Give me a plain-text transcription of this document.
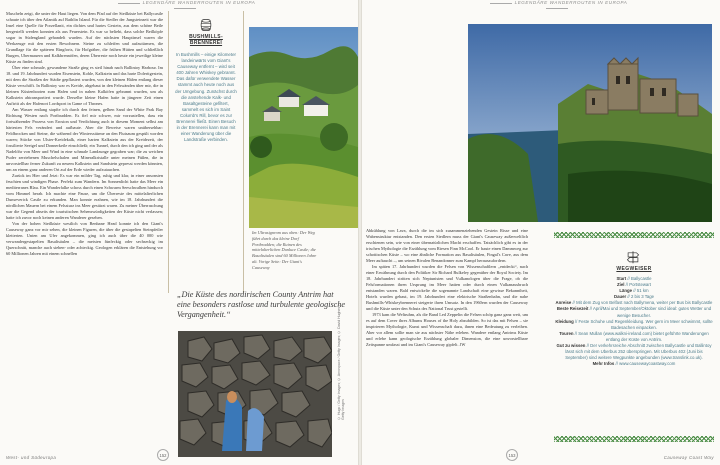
LEGENDÄRE WANDERROUTEN IN EUROPA

Muscheln zeigt, die unter der Haut liegen. Von dem Pfad auf der Steilküste bei Ballycastle schaute ich über den Atlantik auf Rathlin Island. Für die Siedler der Jungsteinzeit war die Insel eine Quelle für Porzellanit, ein dichtes und hartes Gestein, aus dem schöne Beile hergestellt werden konnten als aus Feuerstein. Es war so beliebt, dass solche Beilköpfe sogar in Südengland gehandelt wurden. Auf der nächsten Hauptinsel waren die Werkzeuge mit den ersten Bewohnern. Steine zu schleifen und aufzutürmen, die Grundlage für die späteren Ringforts, für Hofgräber, die frühen Hütten und schließlich Burgen, Ubermauern und Kalkbrennöfen, deren Überreste noch heute ein jeweilige kleine Küste zu finden sind.

Über eine schmale, gewundene Straße ging es steil hinab nach Ballintoy Harbour. Im 18. und 19. Jahrhundert wurden Eisenstein, Kohle, Kalkstein und das harte Doleritgestein, mit dem die Straßen der Städte gepflastert wurden, von den kleinen Häfen entlang dieser Küste verschifft. In Ballintoy war es Kreide, abgebaut in den Felswänden über mir, die in kleinen Küstenbooten zum Hafen und in nahen Kalköfen gebrannt wurden, um als Kalkstein abtransportiert wurde. Derselbe kleine Hafen hatte in jüngerer Zeit einen Auftritt als der Hafenort Lordsport in Game of Thrones.

Am Wasser entlang stapfte ich durch den feinen, gelben Sand der White Park Bay Richtung Westen nach Portbradden. Es fiel mir schwer, mir vorzustellen, dass ein fortwährender Prozess von Erosion und Verdichtung auch in diesem Moment selbst am härtesten Fels verändert und aufbaute. Aber die Beweise waren unübersehbar: Feldbrocken und Steine, die während der Wintersstürme an den Flutsaum gespült worden waren; Stücke von Ulster-Kreidekalk, einer harten Kalkstein aus der Kreidezeit, der fossilierte Seeigel und Donnerkeile einschließt; ein Tunnel, durch den ich ging und der als Nadelöhr von Meer und Wind in eine schmale Landzunge gegraben war; die zu weichen Puder zerriebenen Muschelschalen und Mineralkristalle unter meinen Füßen, die in unvorstellbar ferner Zukunft zu neuem Kalkstein und Sandstein gepresst werden könnten, um an einem ganz anderen Ort auf der Erde wieder aufzutauchen.

Zurück im Hier und Jetzt: Es war ein milder Tag, ruhig und klar, in einer ansonsten feuchten und windigen Phase. Perfekt zum Wandern. Im Sonnenlicht hatte das Meer ein mediterranes Blau. Ein Wanderfalke schoss durch einen Schwarm Seeschwalben hindurch vom Himmel herab. Ich machte eine Pause, um die Überreste des mittelalterlichen Dunseverick Castle zu erkunden. Man konnte erahnen, wie im 18. Jahrhundert die nördlichen Mauern bei einem Felssturz ins Meer gestürzt waren. Zu meiner Überraschung war die Gegend abseits der touristischen Sehenswürdigkeiten der Küste nicht verlassen; hatte ich zuvor noch keinen anderen Wanderer gesehen.

Von der hohen Steilküste westlich von Benbane Head konnte ich den Giant's Causeway ganz vor mir sehen, die kleinen Figuren, die über die gestapelten Steinpfeiler kletterten. Unten am Ufer angekommen, ging ich auch über die 40 000 wie verwandergestapelten Basaltsäulen – die meisten fünfeckig oder sechseckig im Querschnitt, manche auch sieben- oder achteckig. Geologen erklären die Entstehung vor 60 Millionen Jahren mit einem schnellen

BUSHMILLS-BRENNEREI
In Bushmills – einige Kilometer landeinwärts vom Giant's Causeway entfernt – wird seit 400 Jahren Whiskey gebrannt. Das dafür verwendete Wasser stammt auch heute noch aus der Umgebung. Zunächst durch die anstehende Kalk- und Basaltgesteine gefiltert, sammelt es sich im Saint Columb's Rill, bevor es zur Brennerei fließt. Einen Besuch in der Brennerei kann man mit einer Wanderung über die Landstraße verbinden.
Im Ultrasignrom aus oben: Der Weg führt durch das kleine Dorf Portbradden; die Ruinen des mittelalterlichen Dunluce Castle; die Basaltsäulen sind 60 Millionen Jahre alt. Vorige Seite: Der Giant's Causeway
© Hugo / Getty Images; © Aerospace / Getty Images; © David Hughes / Getty Images
„Die Küste des nordirischen County Antrim hat eine besonders rastlose und turbulente geologische Vergangenheit.“
West- und Südeuropa	152
LEGENDÄRE WANDERROUTEN IN EUROPA

Abkühlung von Lava, durch die im sich zusammenziehenden Gestein Risse und eine Wabenstruktur entstanden. Den ersten Siedlern muss der Giant's Causeway außerweltlich erschienen sein, wie von einer übernatürlichen Macht erschaffen. Tatsächlich gibt es in der irischen Mythologie die Erzählung vom Riesen Finn McCool. Er baute einen Dammweg zur schottischen Küste – wo eine ähnliche Formation aus Basaltsäulen, Fingal's Cave, aus dem Meer auftaucht –, um seinen Rivalen Benandonner zum Kampf herauszufordern.

Im späten 17. Jahrhundert wurden die Felsen von Wissenschaftlern „entdeckt“, nach einer Erwähnung durch den Politiker Sir Richard Bulkeley gegenüber der Royal Society. Im 18. Jahrhundert stritten sich Neptunisten und Vulkanologen über die Frage, ob die Felsformationen ihren Ursprung im Meer hatten oder durch einen Vulkanausbruch entstanden waren. Bald entwickelte die sogenannte Landschaft eine gewisse Bekanntheit, Hotels wurden gebaut, im 19. Jahrhundert eine elektrische Straßenbahn, und die nahe Bushmills-Whiskeybrennerei steigerte ihren Umsatz. In den 1960ern wurden der Causeway und die Küste unter den Schutz des National Trust gestellt.

1973 kam die Weltruhm, als die Band Led Zeppelin die Felsen schöp ganz ganz weit, um es auf dem Cover ihres Albums Houses of the Holy abzubilden. So ist das mit Felsen – sie inspirieren Mythologie, Kunst und Wissenschaft dazu, ihnen eine Bedeutung zu verleihen. Aber vor allem sollte man sie aus nächster Nähe erleben. Wandere entlang Antrims Küste und erlebe kann geologische Erzählung globaler Dimension, die eine unvorstellbare Zeitspanne umfasst und im Giant's Causeway gipfelt. JW

WEGWEISER
Start // Ballycastle
Ziel // Portstewart
Länge // 51 km
Dauer // 2 bis 3 Tage
Anreise // Mit dem Zug von Belfast nach Ballymena, weiter per Bus bis Ballycastle
Beste Reisezeit // April/Mai und September/Oktober sind ideal: gutes Wetter und wenige Besucher.
Kleidung // Feste Schuhe und Regenkleidung. Wer gern im Meer schwimmt, sollte Badesachen einpacken.
Touren // Sean Mullan (www.walkni-ireland.com) bietet geführte Wanderungen entlang der Küste von Antrim.
Gut zu wissen // Der verkehrsreiche Abschnitt zwischen Ballycastle und Ballintoy lässt sich mit dem Uberbus 252 überspringen. Mit Uberbus 402 (Juni bis September) sind weitere Wegpunkte angebunden (www.translink.co.uk).
Mehr Infos // www.causewaycoastway.com
153	Causeway Coast Way
